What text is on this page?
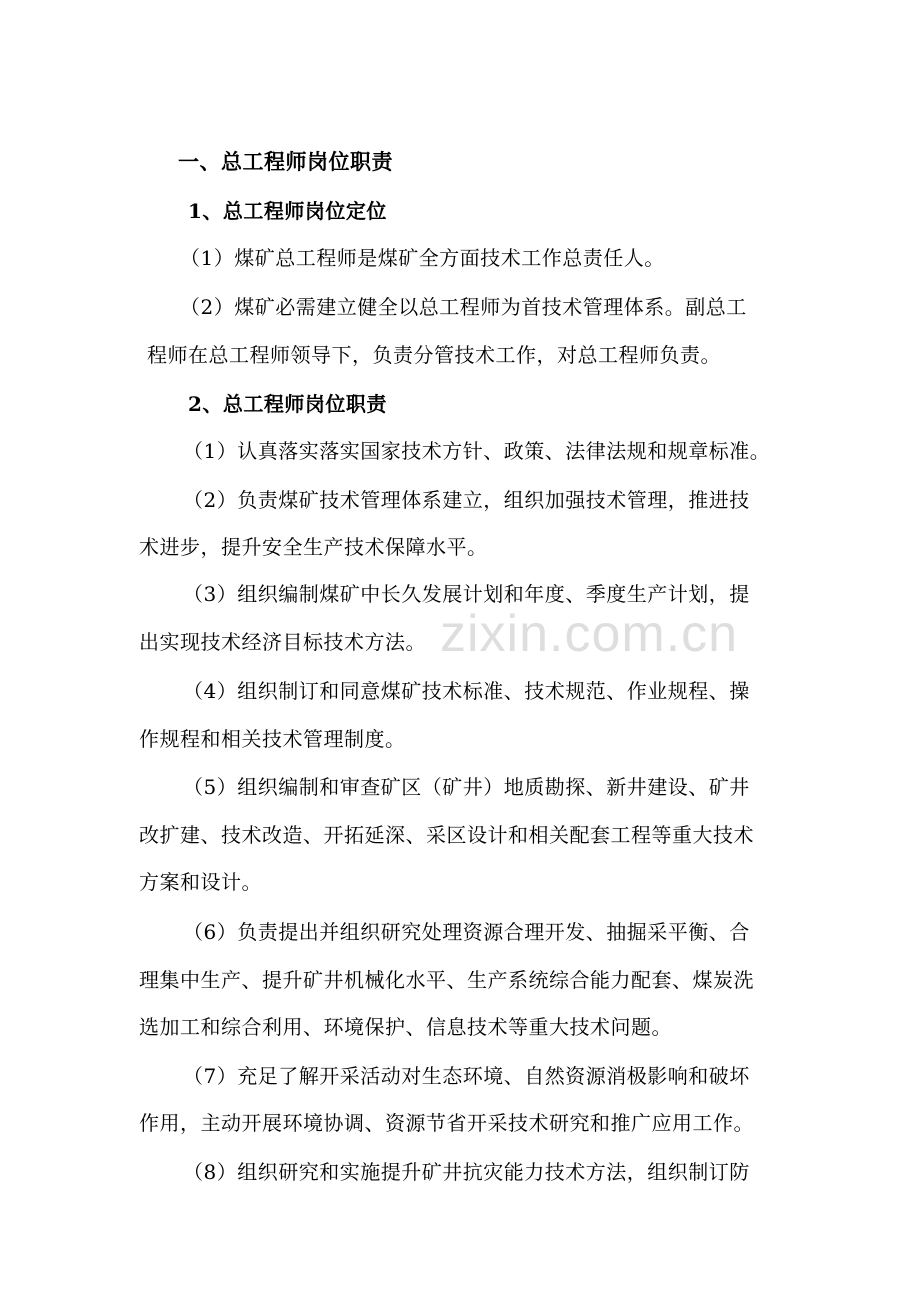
一、总工程师岗位职责
1、总工程师岗位定位
（1）煤矿总工程师是煤矿全方面技术工作总责任人。
（2）煤矿必需建立健全以总工程师为首技术管理体系。副总工
程师在总工程师领导下，负责分管技术工作，对总工程师负责。
2、总工程师岗位职责
（1）认真落实落实国家技术方针、政策、法律法规和规章标准。
（2）负责煤矿技术管理体系建立，组织加强技术管理，推进技
术进步，提升安全生产技术保障水平。
（3）组织编制煤矿中长久发展计划和年度、季度生产计划，提
出实现技术经济目标技术方法。
（4）组织制订和同意煤矿技术标准、技术规范、作业规程、操
作规程和相关技术管理制度。
（5）组织编制和审查矿区（矿井）地质勘探、新井建设、矿井
改扩建、技术改造、开拓延深、采区设计和相关配套工程等重大技术
方案和设计。
（6）负责提出并组织研究处理资源合理开发、抽掘采平衡、合
理集中生产、提升矿井机械化水平、生产系统综合能力配套、煤炭洗
选加工和综合利用、环境保护、信息技术等重大技术问题。
（7）充足了解开采活动对生态环境、自然资源消极影响和破坏
作用，主动开展环境协调、资源节省开采技术研究和推广应用工作。
（8）组织研究和实施提升矿井抗灾能力技术方法，组织制订防
zixin.com.cn
